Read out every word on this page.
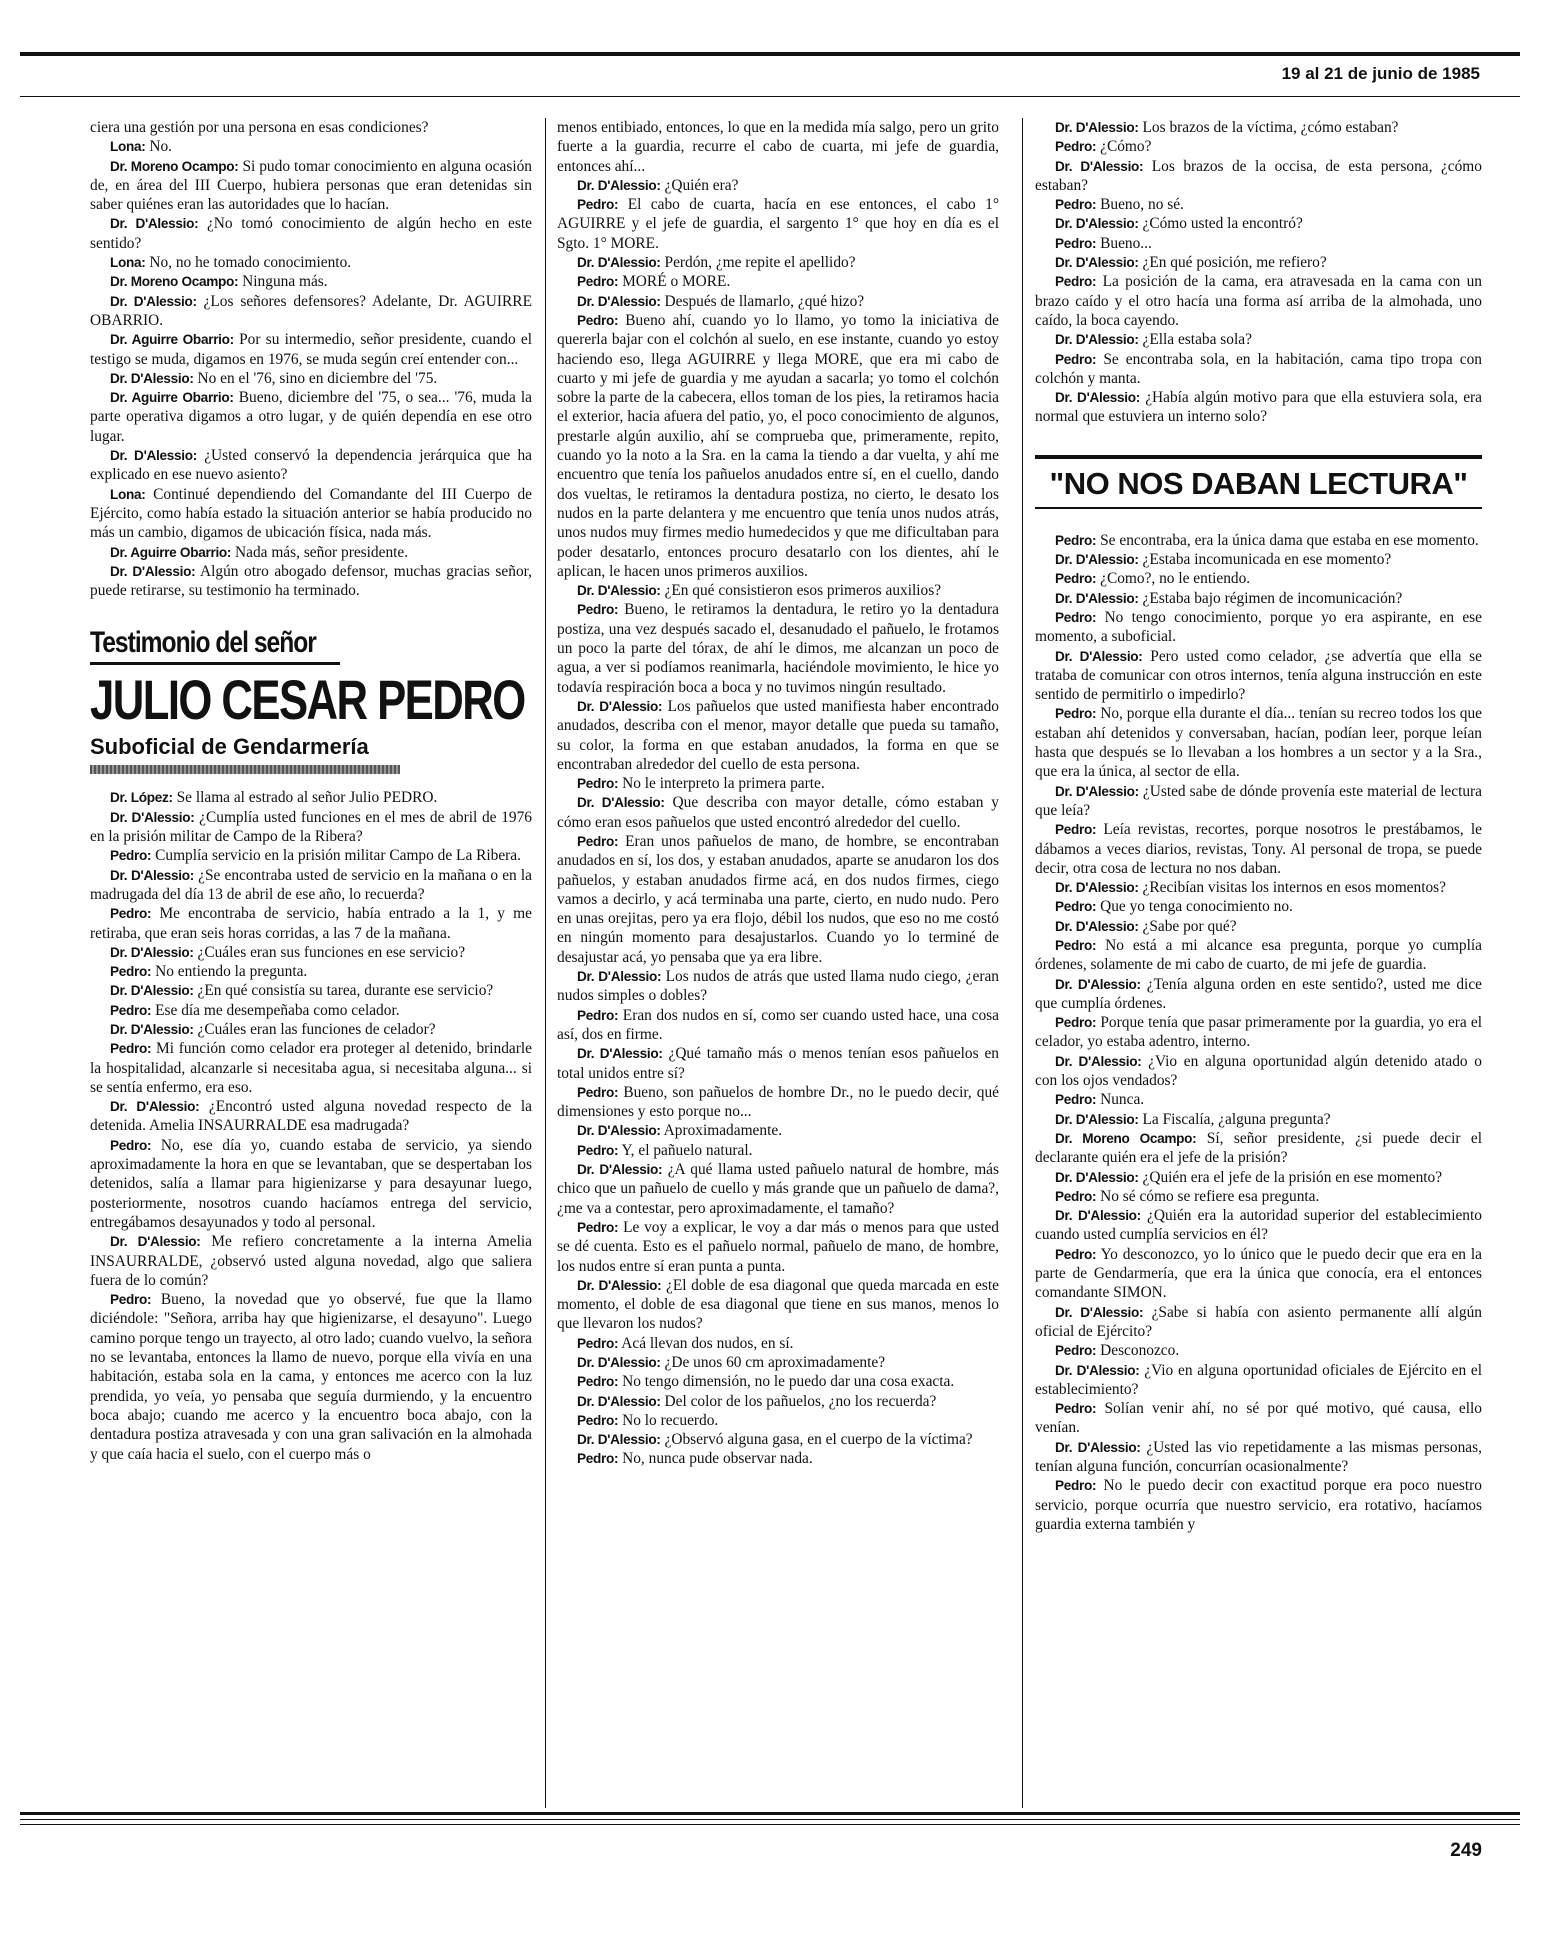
19 al 21 de junio de 1985

ciera una gestión por una persona en esas condiciones?

Lona: No.

Dr. Moreno Ocampo: Si pudo tomar conocimiento en alguna ocasión de, en área del III Cuerpo, hubiera personas que eran detenidas sin saber quiénes eran las autoridades que lo hacían.

Dr. D'Alessio: ¿No tomó conocimiento de algún hecho en este sentido?

Lona: No, no he tomado conocimiento.

Dr. Moreno Ocampo: Ninguna más.

Dr. D'Alessio: ¿Los señores defensores? Adelante, Dr. AGUIRRE OBARRIO.

Dr. Aguirre Obarrio: Por su intermedio, señor presidente, cuando el testigo se muda, digamos en 1976, se muda según creí entender con...

Dr. D'Alessio: No en el '76, sino en diciembre del '75.

Dr. Aguirre Obarrio: Bueno, diciembre del '75, o sea... '76, muda la parte operativa digamos a otro lugar, y de quién dependía en ese otro lugar.

Dr. D'Alessio: ¿Usted conservó la dependencia jerárquica que ha explicado en ese nuevo asiento?

Lona: Continué dependiendo del Comandante del III Cuerpo de Ejército, como había estado la situación anterior se había producido no más un cambio, digamos de ubicación física, nada más.

Dr. Aguirre Obarrio: Nada más, señor presidente.

Dr. D'Alessio: Algún otro abogado defensor, muchas gracias señor, puede retirarse, su testimonio ha terminado.

Testimonio del señor
JULIO CESAR PEDRO
Suboficial de Gendarmería

Dr. López: Se llama al estrado al señor Julio PEDRO.

Dr. D'Alessio: ¿Cumplía usted funciones en el mes de abril de 1976 en la prisión militar de Campo de la Ribera?

Pedro: Cumplía servicio en la prisión militar Campo de La Ribera.

Dr. D'Alessio: ¿Se encontraba usted de servicio en la mañana o en la madrugada del día 13 de abril de ese año, lo recuerda?

Pedro: Me encontraba de servicio, había entrado a la 1, y me retiraba, que eran seis horas corridas, a las 7 de la mañana.

Dr. D'Alessio: ¿Cuáles eran sus funciones en ese servicio?

Pedro: No entiendo la pregunta.

Dr. D'Alessio: ¿En qué consistía su tarea, durante ese servicio?

Pedro: Ese día me desempeñaba como celador.

Dr. D'Alessio: ¿Cuáles eran las funciones de celador?

Pedro: Mi función como celador era proteger al detenido, brindarle la hospitalidad, alcanzarle si necesitaba agua, si necesitaba alguna... si se sentía enfermo, era eso.

Dr. D'Alessio: ¿Encontró usted alguna novedad respecto de la detenida. Amelia INSAURRALDE esa madrugada?

Pedro: No, ese día yo, cuando estaba de servicio, ya siendo aproximadamente la hora en que se levantaban, que se despertaban los detenidos, salía a llamar para higienizarse y para desayunar luego, posteriormente, nosotros cuando hacíamos entrega del servicio, entregábamos desayunados y todo al personal.

Dr. D'Alessio: Me refiero concretamente a la interna Amelia INSAURRALDE, ¿observó usted alguna novedad, algo que saliera fuera de lo común?

Pedro: Bueno, la novedad que yo observé, fue que la llamo diciéndole: "Señora, arriba hay que higienizarse, el desayuno". Luego camino porque tengo un trayecto, al otro lado; cuando vuelvo, la señora no se levantaba, entonces la llamo de nuevo, porque ella vivía en una habitación, estaba sola en la cama, y entonces me acerco con la luz prendida, yo veía, yo pensaba que seguía durmiendo, y la encuentro boca abajo; cuando me acerco y la encuentro boca abajo, con la dentadura postiza atravesada y con una gran salivación en la almohada y que caía hacia el suelo, con el cuerpo más o

menos entibiado, entonces, lo que en la medida mía salgo, pero un grito fuerte a la guardia, recurre el cabo de cuarta, mi jefe de guardia, entonces ahí...

Dr. D'Alessio: ¿Quién era?

Pedro: El cabo de cuarta, hacía en ese entonces, el cabo 1° AGUIRRE y el jefe de guardia, el sargento 1° que hoy en día es el Sgto. 1° MORE.

Dr. D'Alessio: Perdón, ¿me repite el apellido?

Pedro: MORÉ o MORE.

Dr. D'Alessio: Después de llamarlo, ¿qué hizo?

Pedro: Bueno ahí, cuando yo lo llamo, yo tomo la iniciativa de quererla bajar con el colchón al suelo, en ese instante, cuando yo estoy haciendo eso, llega AGUIRRE y llega MORE, que era mi cabo de cuarto y mi jefe de guardia y me ayudan a sacarla; yo tomo el colchón sobre la parte de la cabecera, ellos toman de los pies, la retiramos hacia el exterior, hacia afuera del patio, yo, el poco conocimiento de algunos, prestarle algún auxilio, ahí se comprueba que, primeramente, repito, cuando yo la noto a la Sra. en la cama la tiendo a dar vuelta, y ahí me encuentro que tenía los pañuelos anudados entre sí, en el cuello, dando dos vueltas, le retiramos la dentadura postiza, no cierto, le desato los nudos en la parte delantera y me encuentro que tenía unos nudos atrás, unos nudos muy firmes medio humedecidos y que me dificultaban para poder desatarlo, entonces procuro desatarlo con los dientes, ahí le aplican, le hacen unos primeros auxilios.

Dr. D'Alessio: ¿En qué consistieron esos primeros auxilios?

Pedro: Bueno, le retiramos la dentadura, le retiro yo la dentadura postiza, una vez después sacado el, desanudado el pañuelo, le frotamos un poco la parte del tórax, de ahí le dimos, me alcanzan un poco de agua, a ver si podíamos reanimarla, haciéndole movimiento, le hice yo todavía respiración boca a boca y no tuvimos ningún resultado.

Dr. D'Alessio: Los pañuelos que usted manifiesta haber encontrado anudados, describa con el menor, mayor detalle que pueda su tamaño, su color, la forma en que estaban anudados, la forma en que se encontraban alrededor del cuello de esta persona.

Pedro: No le interpreto la primera parte.

Dr. D'Alessio: Que describa con mayor detalle, cómo estaban y cómo eran esos pañuelos que usted encontró alrededor del cuello.

Pedro: Eran unos pañuelos de mano, de hombre, se encontraban anudados en sí, los dos, y estaban anudados, aparte se anudaron los dos pañuelos, y estaban anudados firme acá, en dos nudos firmes, ciego vamos a decirlo, y acá terminaba una parte, cierto, en nudo nudo. Pero en unas orejitas, pero ya era flojo, débil los nudos, que eso no me costó en ningún momento para desajustarlos. Cuando yo lo terminé de desajustar acá, yo pensaba que ya era libre.

Dr. D'Alessio: Los nudos de atrás que usted llama nudo ciego, ¿eran nudos simples o dobles?

Pedro: Eran dos nudos en sí, como ser cuando usted hace, una cosa así, dos en firme.

Dr. D'Alessio: ¿Qué tamaño más o menos tenían esos pañuelos en total unidos entre sí?

Pedro: Bueno, son pañuelos de hombre Dr., no le puedo decir, qué dimensiones y esto porque no...

Dr. D'Alessio: Aproximadamente.

Pedro: Y, el pañuelo natural.

Dr. D'Alessio: ¿A qué llama usted pañuelo natural de hombre, más chico que un pañuelo de cuello y más grande que un pañuelo de dama?, ¿me va a contestar, pero aproximadamente, el tamaño?

Pedro: Le voy a explicar, le voy a dar más o menos para que usted se dé cuenta. Esto es el pañuelo normal, pañuelo de mano, de hombre, los nudos entre sí eran punta a punta.

Dr. D'Alessio: ¿El doble de esa diagonal que queda marcada en este momento, el doble de esa diagonal que tiene en sus manos, menos lo que llevaron los nudos?

Pedro: Acá llevan dos nudos, en sí.

Dr. D'Alessio: ¿De unos 60 cm aproximadamente?

Pedro: No tengo dimensión, no le puedo dar una cosa exacta.

Dr. D'Alessio: Del color de los pañuelos, ¿no los recuerda?

Pedro: No lo recuerdo.

Dr. D'Alessio: ¿Observó alguna gasa, en el cuerpo de la víctima?

Pedro: No, nunca pude observar nada.

Dr. D'Alessio: Los brazos de la víctima, ¿cómo estaban?

Pedro: ¿Cómo?

Dr. D'Alessio: Los brazos de la occisa, de esta persona, ¿cómo estaban?

Pedro: Bueno, no sé.

Dr. D'Alessio: ¿Cómo usted la encontró?

Pedro: Bueno...

Dr. D'Alessio: ¿En qué posición, me refiero?

Pedro: La posición de la cama, era atravesada en la cama con un brazo caído y el otro hacía una forma así arriba de la almohada, uno caído, la boca cayendo.

Dr. D'Alessio: ¿Ella estaba sola?

Pedro: Se encontraba sola, en la habitación, cama tipo tropa con colchón y manta.

Dr. D'Alessio: ¿Había algún motivo para que ella estuviera sola, era normal que estuviera un interno solo?

"NO NOS DABAN LECTURA"

Pedro: Se encontraba, era la única dama que estaba en ese momento.

Dr. D'Alessio: ¿Estaba incomunicada en ese momento?

Pedro: ¿Como?, no le entiendo.

Dr. D'Alessio: ¿Estaba bajo régimen de incomunicación?

Pedro: No tengo conocimiento, porque yo era aspirante, en ese momento, a suboficial.

Dr. D'Alessio: Pero usted como celador, ¿se advertía que ella se trataba de comunicar con otros internos, tenía alguna instrucción en este sentido de permitirlo o impedirlo?

Pedro: No, porque ella durante el día... tenían su recreo todos los que estaban ahí detenidos y conversaban, hacían, podían leer, porque leían hasta que después se lo llevaban a los hombres a un sector y a la Sra., que era la única, al sector de ella.

Dr. D'Alessio: ¿Usted sabe de dónde provenía este material de lectura que leía?

Pedro: Leía revistas, recortes, porque nosotros le prestábamos, le dábamos a veces diarios, revistas, Tony. Al personal de tropa, se puede decir, otra cosa de lectura no nos daban.

Dr. D'Alessio: ¿Recibían visitas los internos en esos momentos?

Pedro: Que yo tenga conocimiento no.

Dr. D'Alessio: ¿Sabe por qué?

Pedro: No está a mi alcance esa pregunta, porque yo cumplía órdenes, solamente de mi cabo de cuarto, de mi jefe de guardia.

Dr. D'Alessio: ¿Tenía alguna orden en este sentido?, usted me dice que cumplía órdenes.

Pedro: Porque tenía que pasar primeramente por la guardia, yo era el celador, yo estaba adentro, interno.

Dr. D'Alessio: ¿Vio en alguna oportunidad algún detenido atado o con los ojos vendados?

Pedro: Nunca.

Dr. D'Alessio: La Fiscalía, ¿alguna pregunta?

Dr. Moreno Ocampo: Sí, señor presidente, ¿si puede decir el declarante quién era el jefe de la prisión?

Dr. D'Alessio: ¿Quién era el jefe de la prisión en ese momento?

Pedro: No sé cómo se refiere esa pregunta.

Dr. D'Alessio: ¿Quién era la autoridad superior del establecimiento cuando usted cumplía servicios en él?

Pedro: Yo desconozco, yo lo único que le puedo decir que era en la parte de Gendarmería, que era la única que conocía, era el entonces comandante SIMON.

Dr. D'Alessio: ¿Sabe si había con asiento permanente allí algún oficial de Ejército?

Pedro: Desconozco.

Dr. D'Alessio: ¿Vio en alguna oportunidad oficiales de Ejército en el establecimiento?

Pedro: Solían venir ahí, no sé por qué motivo, qué causa, ello venían.

Dr. D'Alessio: ¿Usted las vio repetidamente a las mismas personas, tenían alguna función, concurrían ocasionalmente?

Pedro: No le puedo decir con exactitud porque era poco nuestro servicio, porque ocurría que nuestro servicio, era rotativo, hacíamos guardia externa también y

249
